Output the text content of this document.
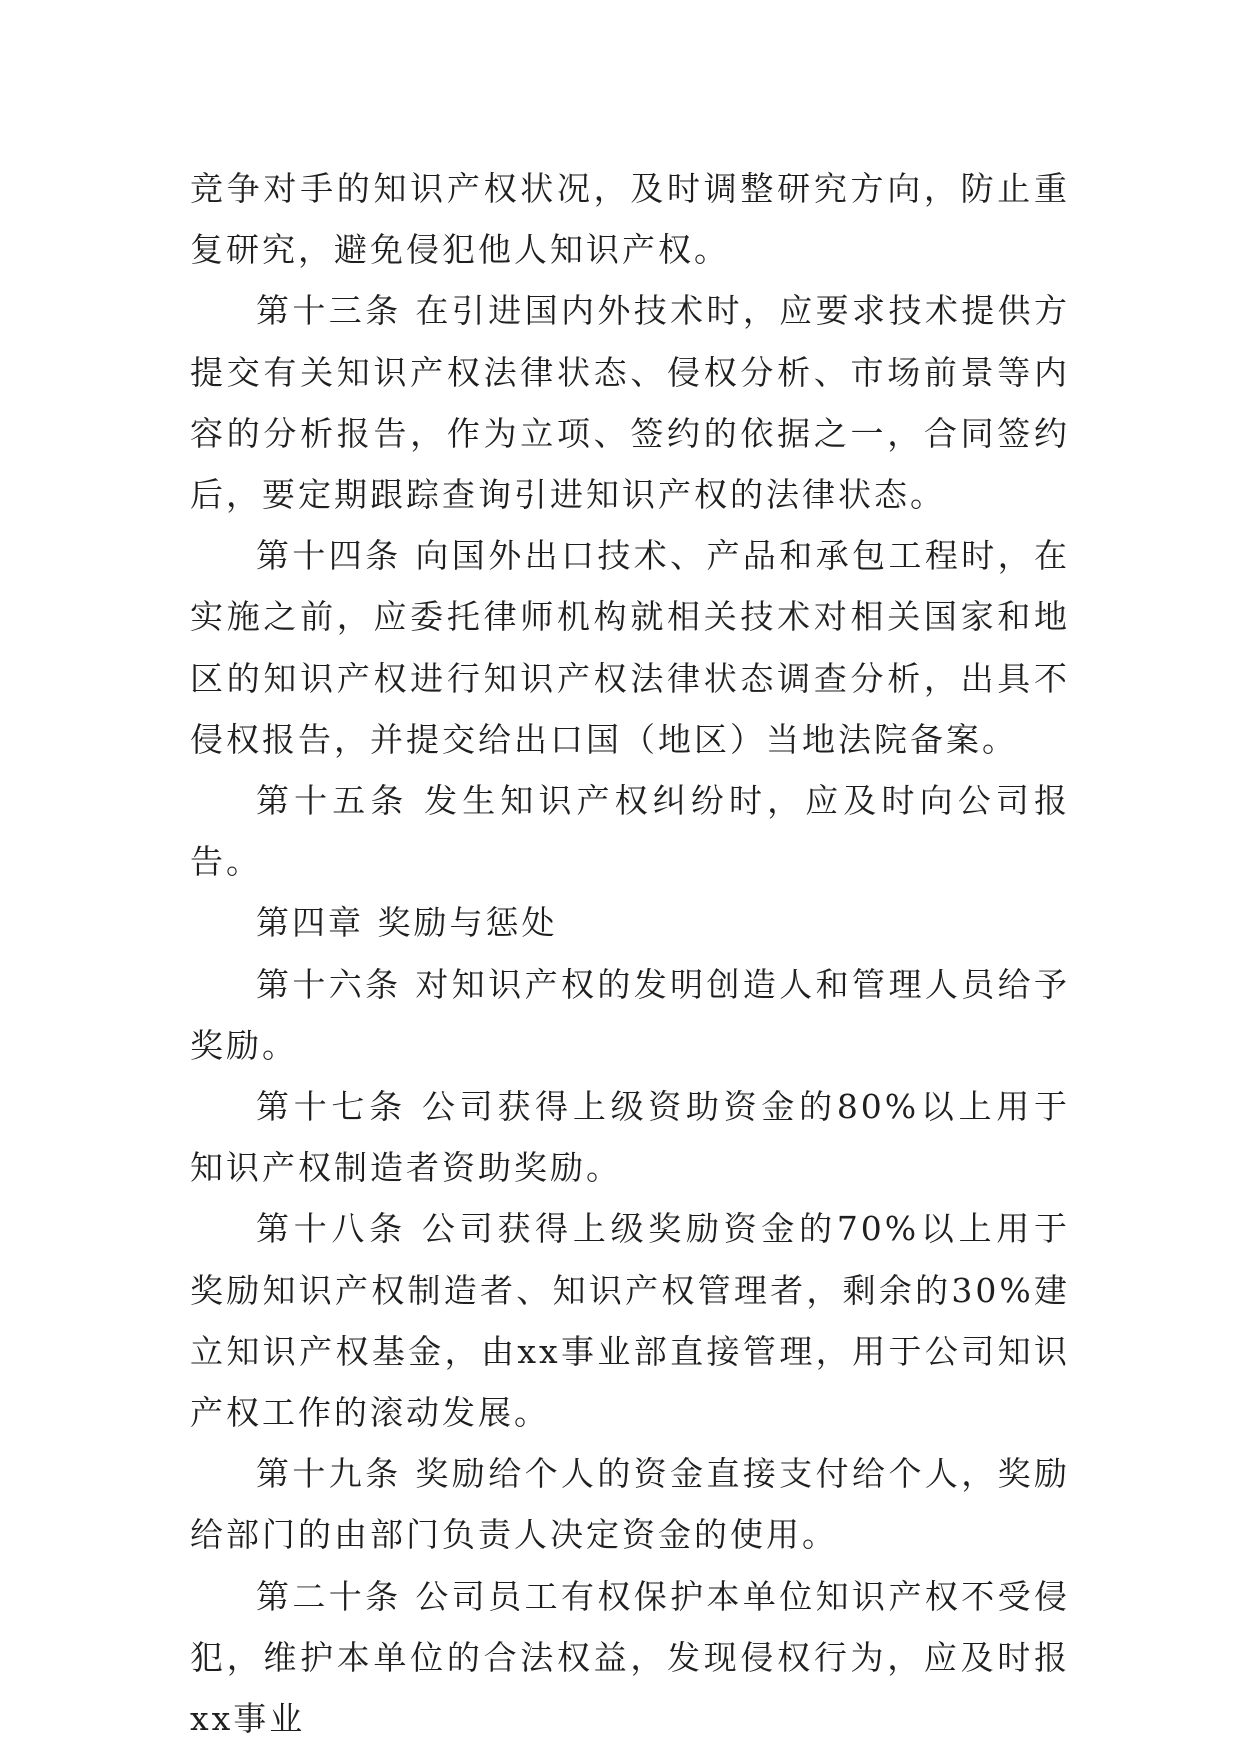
竞争对手的知识产权状况，及时调整研究方向，防止重复研究，避免侵犯他人知识产权。

第十三条 在引进国内外技术时，应要求技术提供方提交有关知识产权法律状态、侵权分析、市场前景等内容的分析报告，作为立项、签约的依据之一，合同签约后，要定期跟踪查询引进知识产权的法律状态。

第十四条 向国外出口技术、产品和承包工程时，在实施之前，应委托律师机构就相关技术对相关国家和地区的知识产权进行知识产权法律状态调查分析，出具不侵权报告，并提交给出口国（地区）当地法院备案。

第十五条 发生知识产权纠纷时，应及时向公司报告。

第四章 奖励与惩处

第十六条 对知识产权的发明创造人和管理人员给予奖励。

第十七条 公司获得上级资助资金的80%以上用于知识产权制造者资助奖励。

第十八条 公司获得上级奖励资金的70%以上用于奖励知识产权制造者、知识产权管理者，剩余的30%建立知识产权基金，由xx事业部直接管理，用于公司知识产权工作的滚动发展。

第十九条 奖励给个人的资金直接支付给个人，奖励给部门的由部门负责人决定资金的使用。

第二十条 公司员工有权保护本单位知识产权不受侵犯，维护本单位的合法权益，发现侵权行为，应及时报xx事业
